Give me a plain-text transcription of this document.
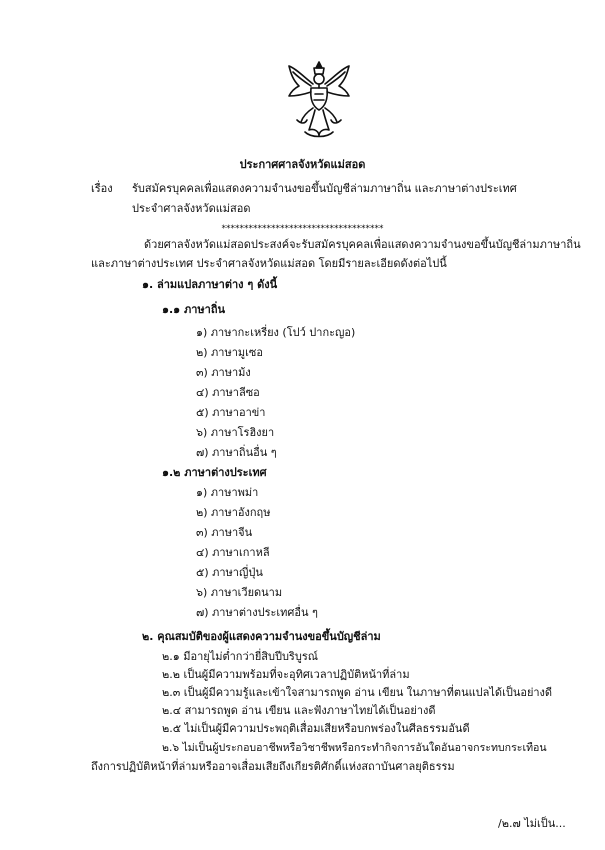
ประกาศศาลจังหวัดแม่สอด
เรื่อง รับสมัครบุคคลเพื่อแสดงความจำนงขอขึ้นบัญชีล่ามภาษาถิ่น และภาษาต่างประเทศ
ประจำศาลจังหวัดแม่สอด
************************************
ด้วยศาลจังหวัดแม่สอดประสงค์จะรับสมัครบุคคลเพื่อแสดงความจำนงขอขึ้นบัญชีล่ามภาษาถิ่น
และภาษาต่างประเทศ ประจำศาลจังหวัดแม่สอด โดยมีรายละเอียดดังต่อไปนี้
๑. ล่ามแปลภาษาต่าง ๆ ดังนี้
๑.๑ ภาษาถิ่น
๑) ภาษากะเหรี่ยง (โปว์ ปากะญอ)
๒) ภาษามูเซอ
๓) ภาษาม้ง
๔) ภาษาลีซอ
๕) ภาษาอาข่า
๖) ภาษาโรฮิงยา
๗) ภาษาถิ่นอื่น ๆ
๑.๒ ภาษาต่างประเทศ
๑) ภาษาพม่า
๒) ภาษาอังกฤษ
๓) ภาษาจีน
๔) ภาษาเกาหลี
๕) ภาษาญี่ปุ่น
๖) ภาษาเวียดนาม
๗) ภาษาต่างประเทศอื่น ๆ
๒. คุณสมบัติของผู้แสดงความจำนงขอขึ้นบัญชีล่าม
๒.๑ มีอายุไม่ต่ำกว่ายี่สิบปีบริบูรณ์
๒.๒ เป็นผู้มีความพร้อมที่จะอุทิศเวลาปฏิบัติหน้าที่ล่าม
๒.๓ เป็นผู้มีความรู้และเข้าใจสามารถพูด อ่าน เขียน ในภาษาที่ตนแปลได้เป็นอย่างดี
๒.๔ สามารถพูด อ่าน เขียน และฟังภาษาไทยได้เป็นอย่างดี
๒.๕ ไม่เป็นผู้มีความประพฤติเสื่อมเสียหรือบกพร่องในศีลธรรมอันดี
๒.๖ ไม่เป็นผู้ประกอบอาชีพหรือวิชาชีพหรือกระทำกิจการอันใดอันอาจกระทบกระเทือน
ถึงการปฏิบัติหน้าที่ล่ามหรืออาจเสื่อมเสียถึงเกียรติศักดิ์แห่งสถาบันศาลยุติธรรม
/๒.๗ ไม่เป็น...
